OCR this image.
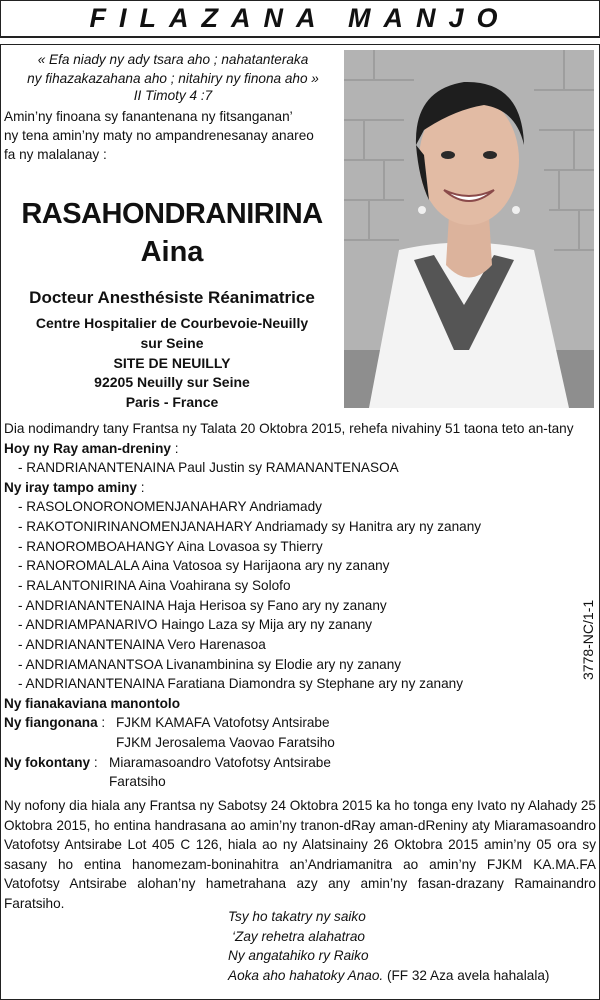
FILAZANA MANJO
« Efa niady ny ady tsara aho ; nahatanteraka
ny fihazakazahana aho ; nitahiry ny finona aho »
II Timoty 4 :7
Amin’ny finoana sy fanantenana ny fitsanganan’
ny tena amin’ny maty no ampandrenesanay anareo
fa ny malalanay :
RASAHONDRANIRINA
Aina
Docteur Anesthésiste Réanimatrice
Centre Hospitalier de Courbevoie-Neuilly
sur Seine
SITE DE NEUILLY
92205 Neuilly sur Seine
Paris - France
Dia nodimandry tany Frantsa ny Talata 20 Oktobra 2015, rehefa nivahiny 51 taona teto an-tany
Hoy ny Ray aman-dreniny :
- RANDRIANANTENAINA Paul Justin sy RAMANANTENASOA
Ny iray tampo aminy :
- RASOLONORONOMENJANAHARY Andriamady
- RAKOTONIRINANOMENJANAHARY Andriamady sy Hanitra ary ny zanany
- RANOROMBOAHANGY Aina Lovasoa sy Thierry
- RANOROMALALA Aina Vatosoa sy Harijaona ary ny zanany
- RALANTONIRINA Aina Voahirana sy Solofo
- ANDRIANANTENAINA Haja Herisoa sy Fano ary ny zanany
- ANDRIAMPANARIVO Haingo Laza sy Mija ary ny zanany
- ANDRIANANTENAINA Vero Harenasoa
- ANDRIAMANANTSOA Livanambinina sy Elodie ary ny zanany
- ANDRIANANTENAINA Faratiana Diamondra sy Stephane ary ny zanany
Ny fianakaviana manontolo
Ny fiangonana : FJKM KAMAFA Vatofotsy Antsirabe
FJKM Jerosalema Vaovao Faratsiho
Ny fokontany : Miaramasoandro Vatofotsy Antsirabe
Faratsiho
3778-NC/1-1
Ny nofony dia hiala any Frantsa ny Sabotsy 24 Oktobra 2015 ka ho tonga eny Ivato ny Alahady 25 Oktobra 2015, ho entina handrasana ao amin’ny tranon-dRay aman-dReniny aty Miaramasoandro Vatofotsy Antsirabe Lot 405 C 126, hiala ao ny Alatsinainy 26 Oktobra 2015 amin’ny 05 ora sy sasany ho entina hanomezam-boninahitra an’Andriamanitra ao amin’ny FJKM KA.MA.FA Vatofotsy Antsirabe alohan’ny hametrahana azy any amin’ny fasan-drazany Ramainandro Faratsiho.
Tsy ho takatry ny saiko
‘Zay rehetra alahatrao
Ny angatahiko ry Raiko
Aoka aho hahatoky Anao. (FF 32 Aza avela hahalala)
